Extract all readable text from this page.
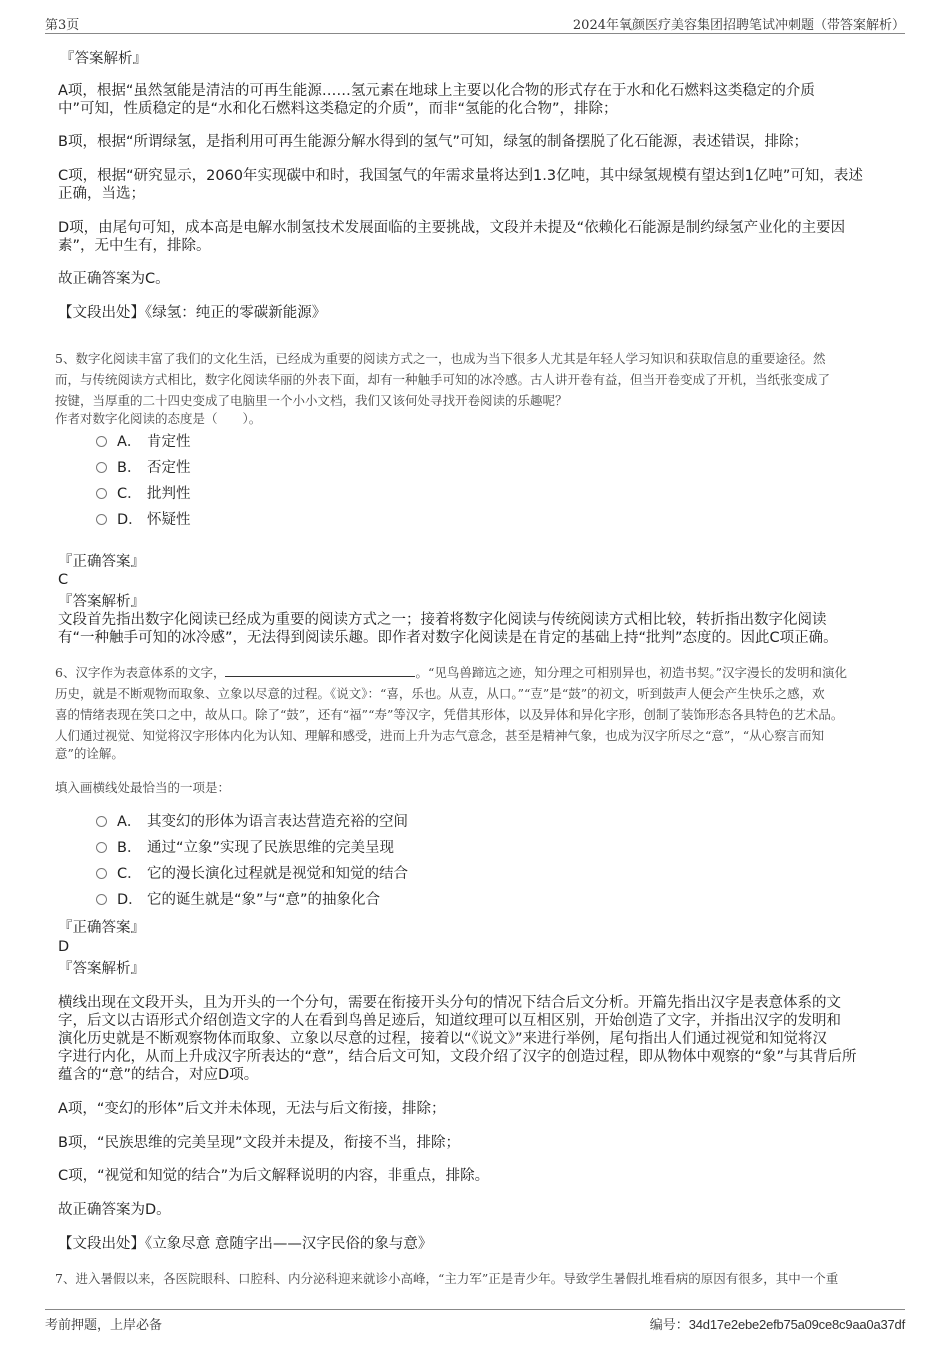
第3页	2024年氧颜医疗美容集团招聘笔试冲刺题（带答案解析）
『答案解析』
A项，根据“虽然氢能是清洁的可再生能源……氢元素在地球上主要以化合物的形式存在于水和化石燃料这类稳定的介质
中”可知，性质稳定的是“水和化石燃料这类稳定的介质”，而非“氢能的化合物”，排除；
B项，根据“所谓绿氢，是指利用可再生能源分解水得到的氢气”可知，绿氢的制备摆脱了化石能源，表述错误，排除；
C项，根据“研究显示，2060年实现碳中和时，我国氢气的年需求量将达到1.3亿吨，其中绿氢规模有望达到1亿吨”可知，表述
正确，当选；
D项，由尾句可知，成本高是电解水制氢技术发展面临的主要挑战，文段并未提及“依赖化石能源是制约绿氢产业化的主要因
素”，无中生有，排除。
故正确答案为C。
【文段出处】《绿氢：纯正的零碳新能源》
5、数字化阅读丰富了我们的文化生活，已经成为重要的阅读方式之一，也成为当下很多人尤其是年轻人学习知识和获取信息的重要途径。然
而，与传统阅读方式相比，数字化阅读华丽的外表下面，却有一种触手可知的冰冷感。古人讲开卷有益，但当开卷变成了开机，当纸张变成了
按键，当厚重的二十四史变成了电脑里一个小小文档，我们又该何处寻找开卷阅读的乐趣呢？
作者对数字化阅读的态度是（　　）。
A． 肯定性
B． 否定性
C． 批判性
D． 怀疑性
『正确答案』
C
『答案解析』
文段首先指出数字化阅读已经成为重要的阅读方式之一；接着将数字化阅读与传统阅读方式相比较，转折指出数字化阅读
有“一种触手可知的冰冷感”，无法得到阅读乐趣。即作者对数字化阅读是在肯定的基础上持“批判”态度的。因此C项正确。
6、汉字作为表意体系的文字，	。“见鸟兽蹄迒之迹，知分理之可相别异也，初造书契。”汉字漫长的发明和演化
历史，就是不断观物而取象、立象以尽意的过程。《说文》：“喜，乐也。从壴，从口。”“壴”是“鼓”的初文，听到鼓声人便会产生快乐之感，欢
喜的情绪表现在笑口之中，故从口。除了“鼓”，还有“福”“寿”等汉字，凭借其形体，以及异体和异化字形，创制了装饰形态各具特色的艺术品。
人们通过视觉、知觉将汉字形体内化为认知、理解和感受，进而上升为志气意念，甚至是精神气象，也成为汉字所尽之“意”，“从心察言而知
意”的诠解。
填入画横线处最恰当的一项是：
A． 其变幻的形体为语言表达营造充裕的空间
B． 通过“立象”实现了民族思维的完美呈现
C． 它的漫长演化过程就是视觉和知觉的结合
D． 它的诞生就是“象”与“意”的抽象化合
『正确答案』
D
『答案解析』
横线出现在文段开头，且为开头的一个分句，需要在衔接开头分句的情况下结合后文分析。开篇先指出汉字是表意体系的文
字，后文以古语形式介绍创造文字的人在看到鸟兽足迹后，知道纹理可以互相区别，开始创造了文字，并指出汉字的发明和
演化历史就是不断观察物体而取象、立象以尽意的过程，接着以“《说文》”来进行举例，尾句指出人们通过视觉和知觉将汉
字进行内化，从而上升成汉字所表达的“意”，结合后文可知，文段介绍了汉字的创造过程，即从物体中观察的“象”与其背后所
蕴含的“意”的结合，对应D项。
A项，“变幻的形体”后文并未体现，无法与后文衔接，排除；
B项，“民族思维的完美呈现”文段并未提及，衔接不当，排除；
C项，“视觉和知觉的结合”为后文解释说明的内容，非重点，排除。
故正确答案为D。
【文段出处】《立象尽意 意随字出——汉字民俗的象与意》
7、进入暑假以来，各医院眼科、口腔科、内分泌科迎来就诊小高峰，“主力军”正是青少年。导致学生暑假扎堆看病的原因有很多，其中一个重
考前押题，上岸必备	编号：34d17e2ebe2efb75a09ce8c9aa0a37df
